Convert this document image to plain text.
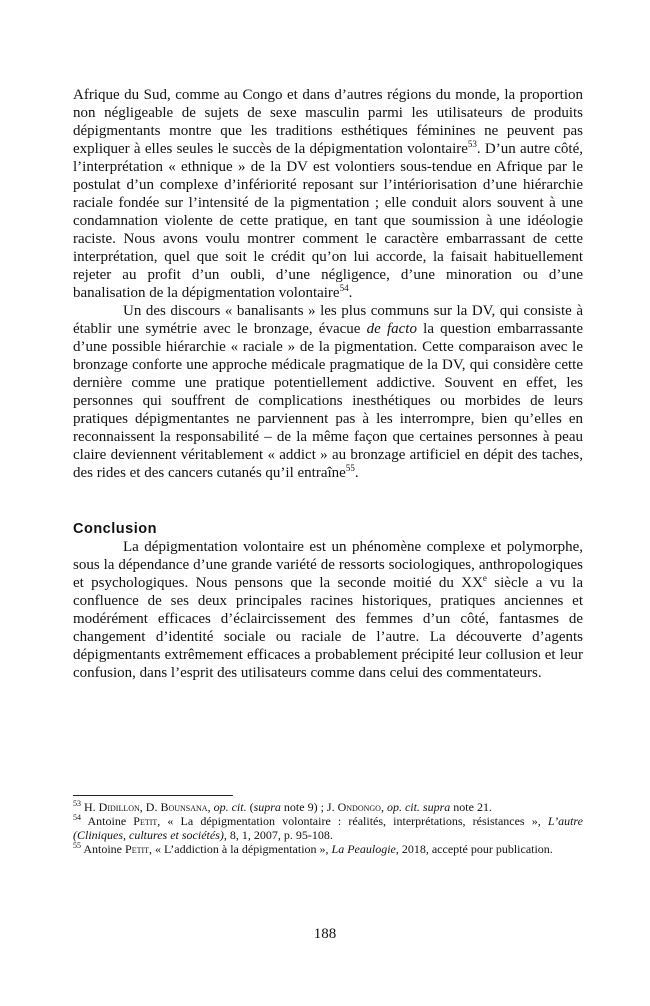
Afrique du Sud, comme au Congo et dans d’autres régions du monde, la proportion non négligeable de sujets de sexe masculin parmi les utilisateurs de produits dépigmentants montre que les traditions esthétiques féminines ne peuvent pas expliquer à elles seules le succès de la dépigmentation volontaire$^{53}$. D’un autre côté, l’interprétation « ethnique » de la DV est volontiers sous-tendue en Afrique par le postulat d’un complexe d’infériorité reposant sur l’intériorisation d’une hiérarchie raciale fondée sur l’intensité de la pigmentation ; elle conduit alors souvent à une condamnation violente de cette pratique, en tant que soumission à une idéologie raciste. Nous avons voulu montrer comment le caractère embarrassant de cette interprétation, quel que soit le crédit qu’on lui accorde, la faisait habituellement rejeter au profit d’un oubli, d’une négligence, d’une minoration ou d’une banalisation de la dépigmentation volontaire$^{54}$.

Un des discours « banalisants » les plus communs sur la DV, qui consiste à établir une symétrie avec le bronzage, évacue de facto la question embarrassante d’une possible hiérarchie « raciale » de la pigmentation. Cette comparaison avec le bronzage conforte une approche médicale pragmatique de la DV, qui considère cette dernière comme une pratique potentiellement addictive. Souvent en effet, les personnes qui souffrent de complications inesthétiques ou morbides de leurs pratiques dépigmentantes ne parviennent pas à les interrompre, bien qu’elles en reconnaissent la responsabilité – de la même façon que certaines personnes à peau claire deviennent véritablement « addict » au bronzage artificiel en dépit des taches, des rides et des cancers cutanés qu’il entraîne$^{55}$.

Conclusion

La dépigmentation volontaire est un phénomène complexe et polymorphe, sous la dépendance d’une grande variété de ressorts sociologiques, anthropologiques et psychologiques. Nous pensons que la seconde moitié du XXe siècle a vu la confluence de ses deux principales racines historiques, pratiques anciennes et modérément efficaces d’éclaircissement des femmes d’un côté, fantasmes de changement d’identité sociale ou raciale de l’autre. La découverte d’agents dépigmentants extrêmement efficaces a probablement précipité leur collusion et leur confusion, dans l’esprit des utilisateurs comme dans celui des commentateurs.

$^{53}$ H. Didillon, D. Bounsana, op. cit. (supra note 9) ; J. Ondongo, op. cit. supra note 21.

$^{54}$ Antoine Petit, « La dépigmentation volontaire : réalités, interprétations, résistances », L’autre (Cliniques, cultures et sociétés), 8, 1, 2007, p. 95-108.

$^{55}$ Antoine Petit, « L’addiction à la dépigmentation », La Peaulogie, 2018, accepté pour publication.

188
